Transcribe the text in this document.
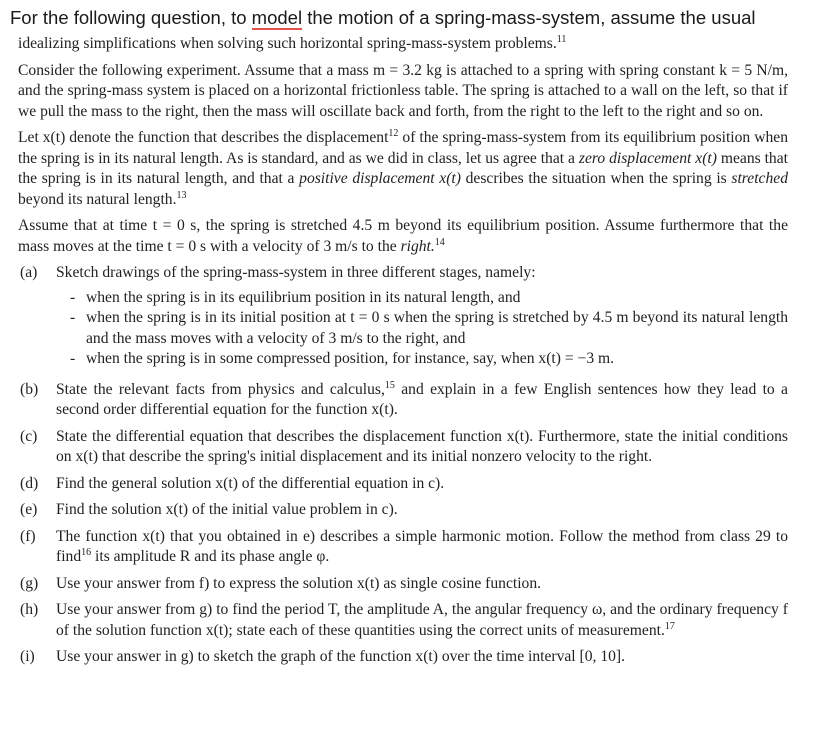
For the following question, to model the motion of a spring-mass-system, assume the usual

idealizing simplifications when solving such horizontal spring-mass-system problems.$^{11}$

Consider the following experiment. Assume that a mass m = 3.2 kg is attached to a spring with spring constant k = 5 N/m, and the spring-mass system is placed on a horizontal frictionless table. The spring is attached to a wall on the left, so that if we pull the mass to the right, then the mass will oscillate back and forth, from the right to the left to the right and so on.

Let x(t) denote the function that describes the displacement$^{12}$ of the spring-mass-system from its equilibrium position when the spring is in its natural length. As is standard, and as we did in class, let us agree that a zero displacement x(t) means that the spring is in its natural length, and that a positive displacement x(t) describes the situation when the spring is stretched beyond its natural length.$^{13}$

Assume that at time t = 0 s, the spring is stretched 4.5 m beyond its equilibrium position. Assume furthermore that the mass moves at the time t = 0 s with a velocity of 3 m/s to the right.$^{14}$

(a)	Sketch drawings of the spring-mass-system in three different stages, namely:
- when the spring is in its equilibrium position in its natural length, and
- when the spring is in its initial position at t = 0 s when the spring is stretched by 4.5 m beyond its natural length and the mass moves with a velocity of 3 m/s to the right, and
- when the spring is in some compressed position, for instance, say, when x(t) = −3 m.
(b)	State the relevant facts from physics and calculus,$^{15}$ and explain in a few English sentences how they lead to a second order differential equation for the function x(t).
(c)	State the differential equation that describes the displacement function x(t). Furthermore, state the initial conditions on x(t) that describe the spring's initial displacement and its initial nonzero velocity to the right.
(d)	Find the general solution x(t) of the differential equation in c).
(e)	Find the solution x(t) of the initial value problem in c).
(f)	The function x(t) that you obtained in e) describes a simple harmonic motion. Follow the method from class 29 to find$^{16}$ its amplitude R and its phase angle φ.
(g)	Use your answer from f) to express the solution x(t) as single cosine function.
(h)	Use your answer from g) to find the period T, the amplitude A, the angular frequency ω, and the ordinary frequency f of the solution function x(t); state each of these quantities using the correct units of measurement.$^{17}$
(i)	Use your answer in g) to sketch the graph of the function x(t) over the time interval [0, 10].
